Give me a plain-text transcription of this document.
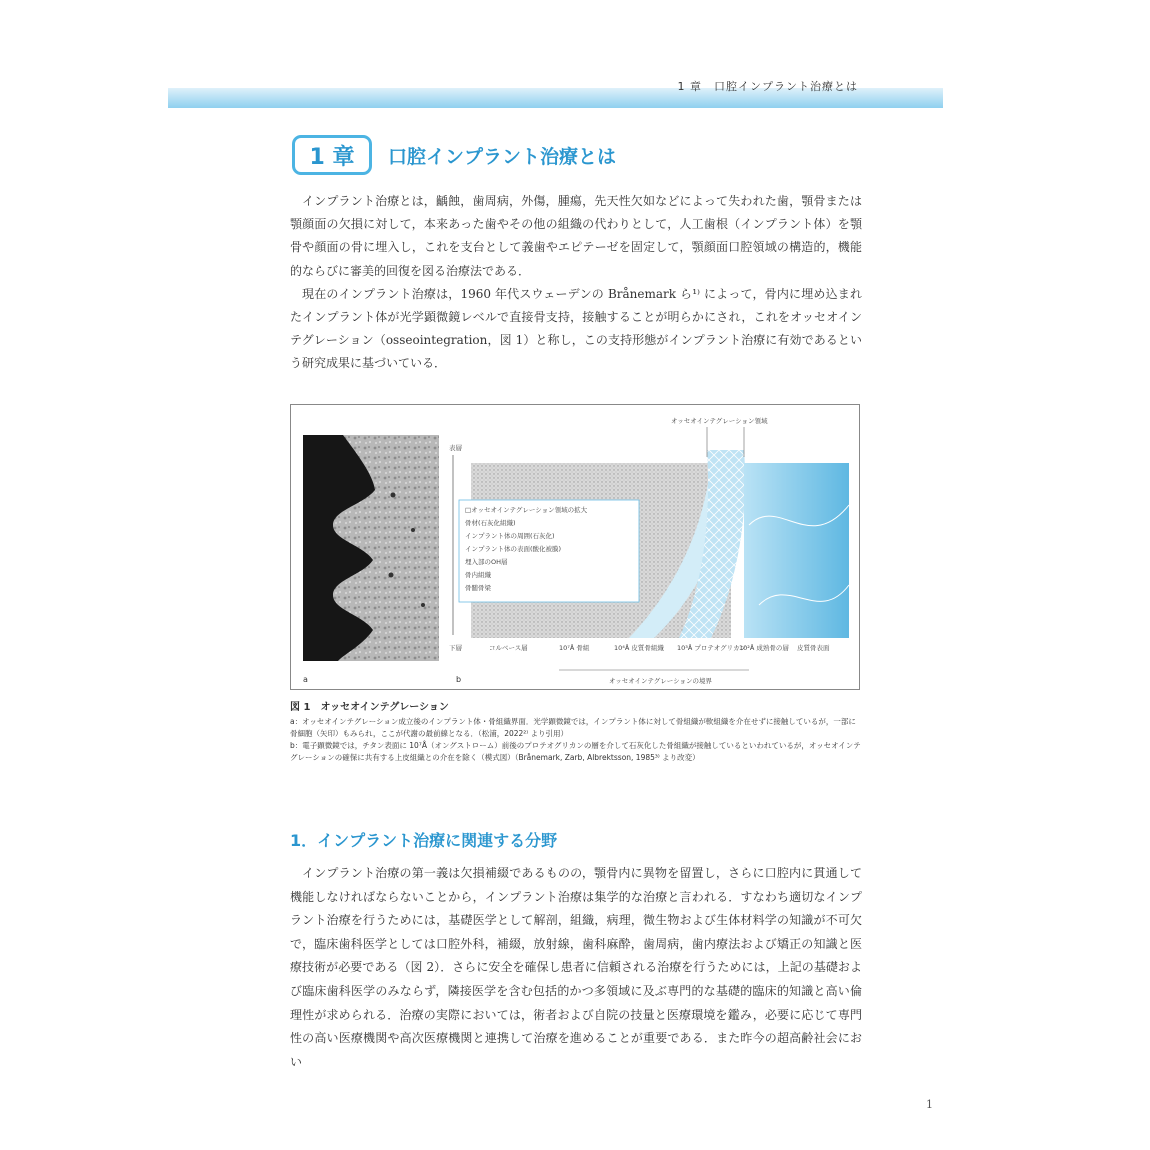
1 章　口腔インプラント治療とは
1 章	口腔インプラント治療とは

インプラント治療とは，齲蝕，歯周病，外傷，腫瘍，先天性欠如などによって失われた歯，顎骨または顎顔面の欠損に対して，本来あった歯やその他の組織の代わりとして，人工歯根（インプラント体）を顎骨や顔面の骨に埋入し，これを支台として義歯やエピテーゼを固定して，顎顔面口腔領域の構造的，機能的ならびに審美的回復を図る治療法である．

現在のインプラント治療は，1960 年代スウェーデンの Brånemark ら¹⁾ によって，骨内に埋め込まれたインプラント体が光学顕微鏡レベルで直接骨支持，接触することが明らかにされ，これをオッセオインテグレーション（osseointegration，図 1）と称し，この支持形態がインプラント治療に有効であるという研究成果に基づいている．

a	b
表層
下層
オッセオインテグレーション領域
□オッセオインテグレーション領域の拡大
骨材(石灰化組織)
インプラント体の周囲(石灰化)
インプラント体の表面(酸化被膜)
埋入部のOH層
骨内組織
骨髄骨梁
コルベース層	10⁷Å 骨組	10⁴Å 皮質骨組織 10³Å プロテオグリカン
10²Å 成熟骨の層 皮質骨表面
オッセオインテグレーションの境界
図 1　オッセオインテグレーション
a：オッセオインテグレーション成立後のインプラント体・骨組織界面．光学顕微鏡では，インプラント体に対して骨組織が軟組織を介在せずに接触しているが，一部に骨細胞（矢印）もみられ，ここが代謝の最前線となる．（松浦，2022²⁾ より引用）
b：電子顕微鏡では，チタン表面に 10⁷Å（オングストローム）前後のプロテオグリカンの層を介して石灰化した骨組織が接触しているといわれているが，オッセオインテグレーションの確保に共有する上皮組織との介在を除く（模式図）（Brånemark, Zarb, Albrektsson, 1985³⁾ より改変）
1．インプラント治療に関連する分野

インプラント治療の第一義は欠損補綴であるものの，顎骨内に異物を留置し，さらに口腔内に貫通して機能しなければならないことから，インプラント治療は集学的な治療と言われる．すなわち適切なインプラント治療を行うためには，基礎医学として解剖，組織，病理，微生物および生体材料学の知識が不可欠で，臨床歯科医学としては口腔外科，補綴，放射線，歯科麻酔，歯周病，歯内療法および矯正の知識と医療技術が必要である（図 2）．さらに安全を確保し患者に信頼される治療を行うためには，上記の基礎および臨床歯科医学のみならず，隣接医学を含む包括的かつ多領域に及ぶ専門的な基礎的臨床的知識と高い倫理性が求められる．治療の実際においては，術者および自院の技量と医療環境を鑑み，必要に応じて専門性の高い医療機関や高次医療機関と連携して治療を進めることが重要である．また昨今の超高齢社会におい

1
